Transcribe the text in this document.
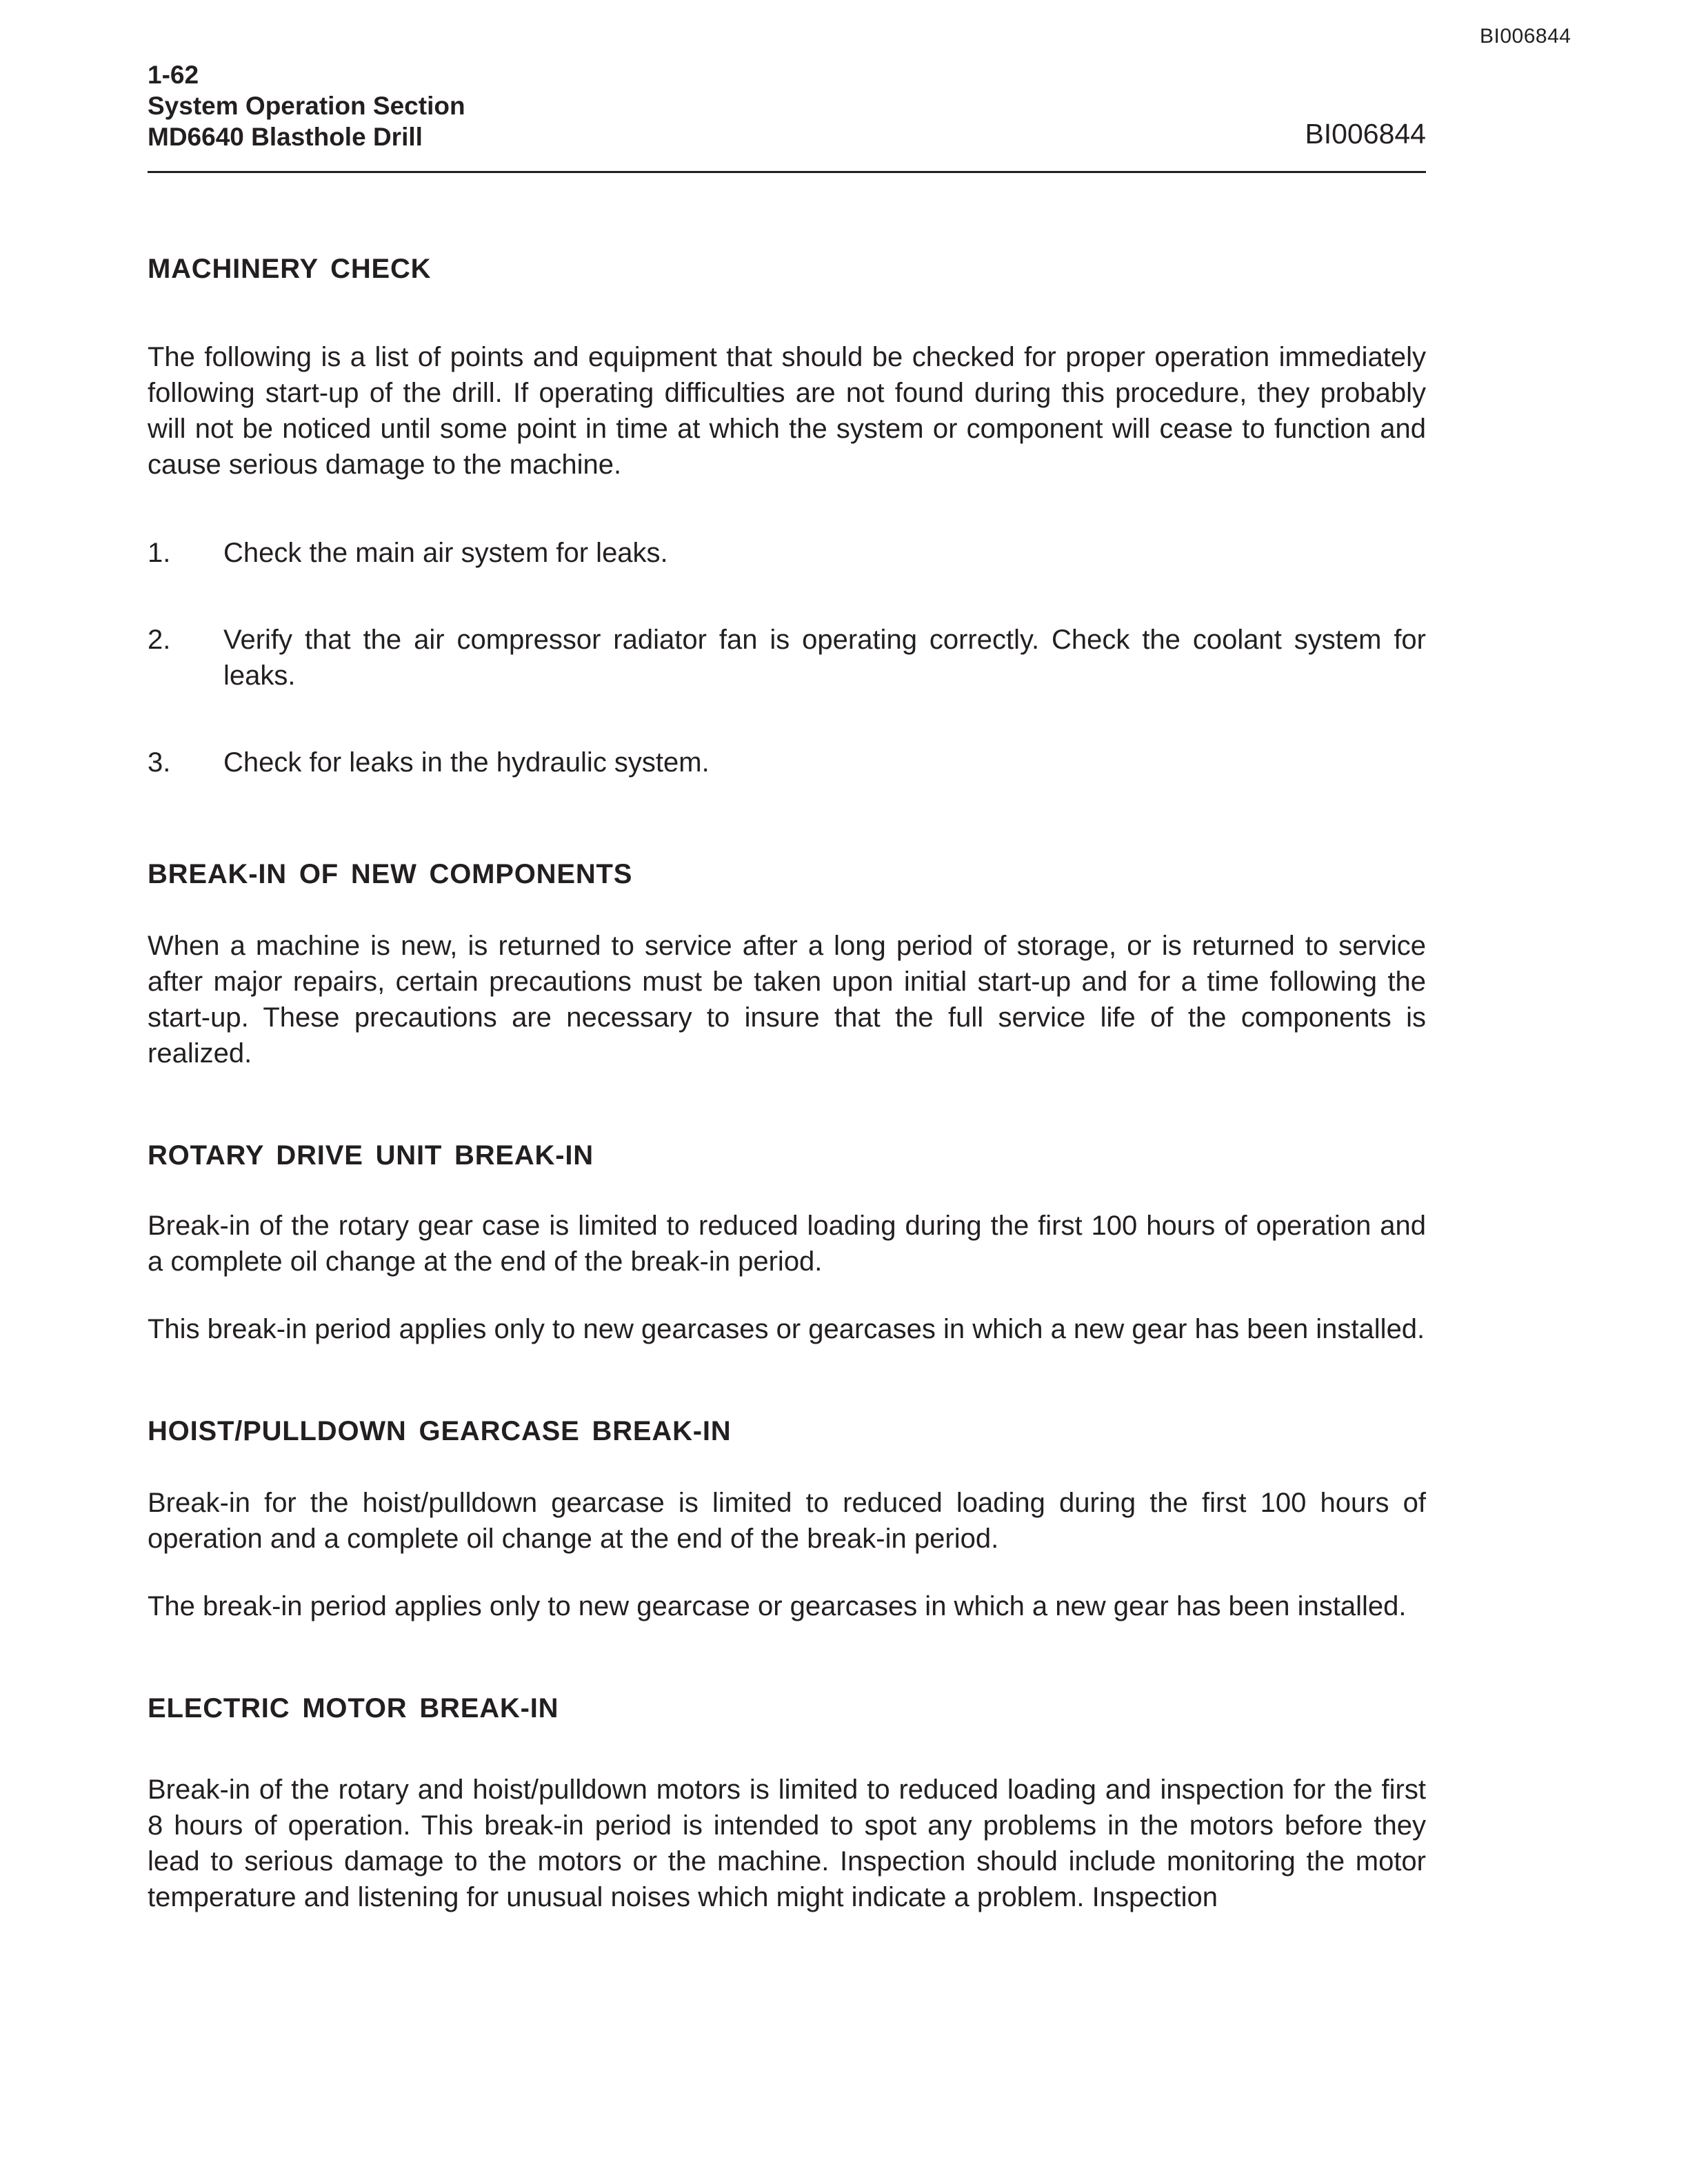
BI006844
1-62
System Operation Section
MD6640 Blasthole Drill	BI006844
MACHINERY CHECK

The following is a list of points and equipment that should be checked for proper operation immediately following start-up of the drill. If operating difficulties are not found during this procedure, they probably will not be noticed until some point in time at which the system or component will cease to function and cause serious damage to the machine.

1. Check the main air system for leaks.
2. Verify that the air compressor radiator fan is operating correctly. Check the coolant system for leaks.
3. Check for leaks in the hydraulic system.
BREAK-IN OF NEW COMPONENTS

When a machine is new, is returned to service after a long period of storage, or is returned to service after major repairs, certain precautions must be taken upon initial start-up and for a time following the start-up. These precautions are necessary to insure that the full service life of the components is realized.

ROTARY DRIVE UNIT BREAK-IN

Break-in of the rotary gear case is limited to reduced loading during the first 100 hours of operation and a complete oil change at the end of the break-in period.

This break-in period applies only to new gearcases or gearcases in which a new gear has been installed.

HOIST/PULLDOWN GEARCASE BREAK-IN

Break-in for the hoist/pulldown gearcase is limited to reduced loading during the first 100 hours of operation and a complete oil change at the end of the break-in period.

The break-in period applies only to new gearcase or gearcases in which a new gear has been installed.

ELECTRIC MOTOR BREAK-IN

Break-in of the rotary and hoist/pulldown motors is limited to reduced loading and inspection for the first 8 hours of operation. This break-in period is intended to spot any problems in the motors before they lead to serious damage to the motors or the machine. Inspection should include monitoring the motor temperature and listening for unusual noises which might indicate a problem. Inspection
